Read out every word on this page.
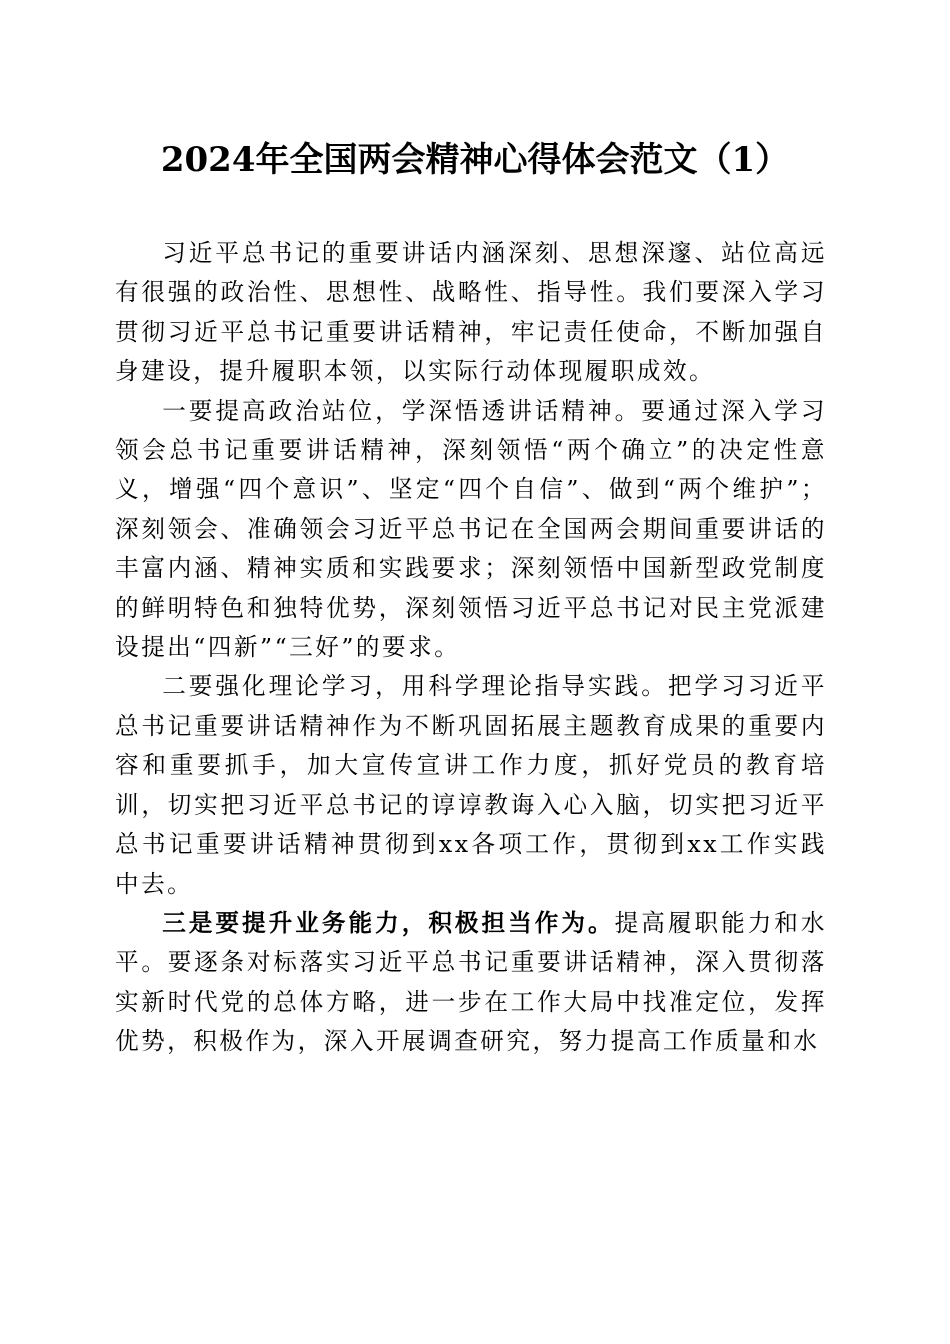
2024年全国两会精神心得体会范文（1）

习近平总书记的重要讲话内涵深刻、思想深邃、站位高远有很强的政治性、思想性、战略性、指导性。我们要深入学习贯彻习近平总书记重要讲话精神，牢记责任使命，不断加强自身建设，提升履职本领，以实际行动体现履职成效。

一要提高政治站位，学深悟透讲话精神。要通过深入学习领会总书记重要讲话精神，深刻领悟“两个确立”的决定性意义，增强“四个意识”、坚定“四个自信”、做到“两个维护”；深刻领会、准确领会习近平总书记在全国两会期间重要讲话的丰富内涵、精神实质和实践要求；深刻领悟中国新型政党制度的鲜明特色和独特优势，深刻领悟习近平总书记对民主党派建设提出“四新”“三好”的要求。

二要强化理论学习，用科学理论指导实践。把学习习近平总书记重要讲话精神作为不断巩固拓展主题教育成果的重要内容和重要抓手，加大宣传宣讲工作力度，抓好党员的教育培训，切实把习近平总书记的谆谆教诲入心入脑，切实把习近平总书记重要讲话精神贯彻到xx各项工作，贯彻到xx工作实践中去。

三是要提升业务能力，积极担当作为。提高履职能力和水平。要逐条对标落实习近平总书记重要讲话精神，深入贯彻落实新时代党的总体方略，进一步在工作大局中找准定位，发挥优势，积极作为，深入开展调查研究，努力提高工作质量和水
